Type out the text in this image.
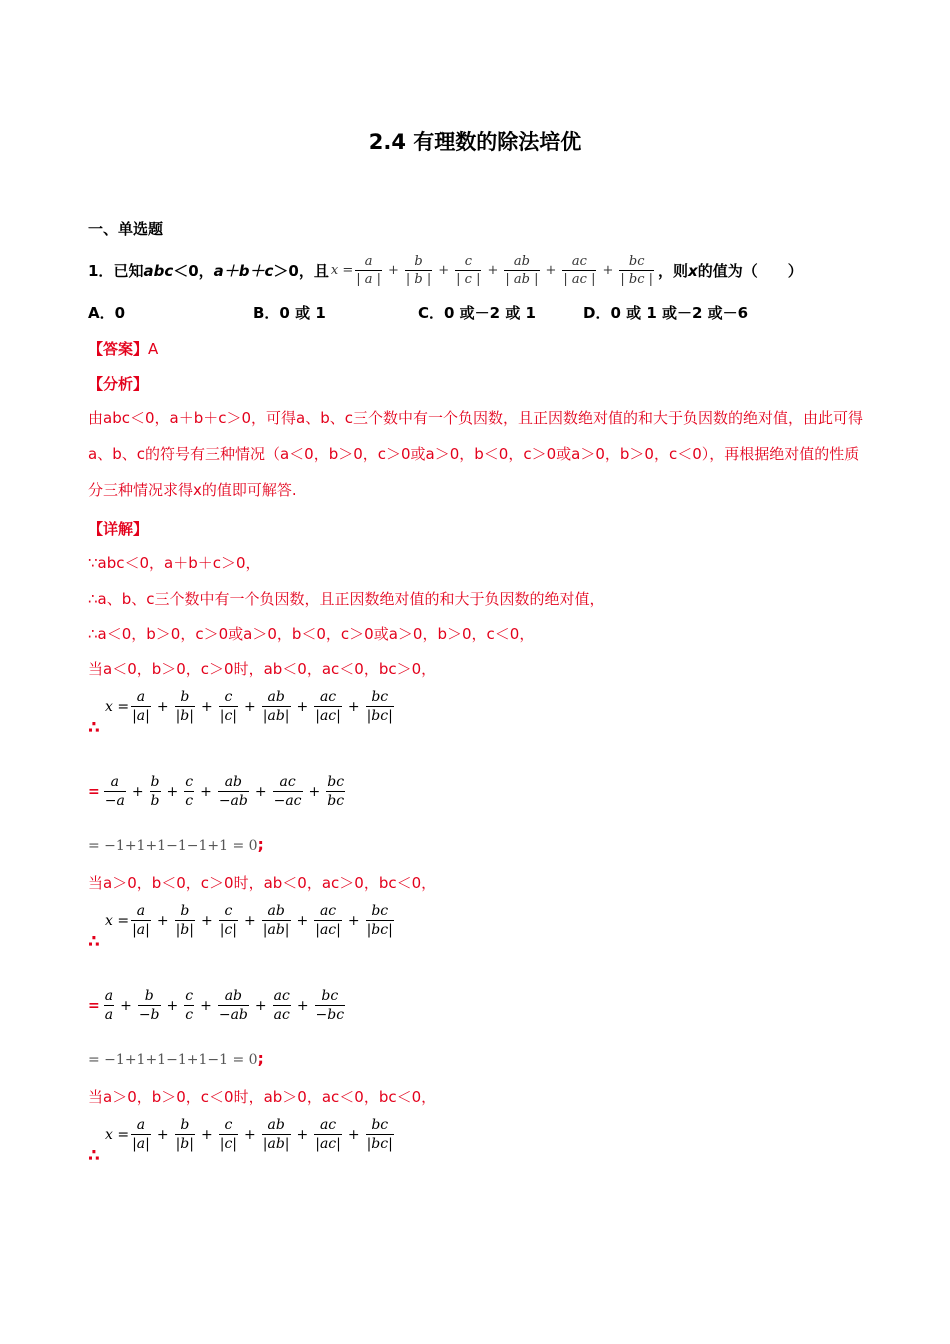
2.4 有理数的除法培优
一、单选题
1． 已知 abc ＜0， a＋b＋c ＞0，且 $x = \frac{a}{| a |} + \frac{b}{| b |} + \frac{c}{| c |} + \frac{ab}{| ab |} + \frac{ac}{| ac |} + \frac{bc}{| bc |}$ ，则 x 的值为（　　）
A．0	B．0 或 1	C．0 或－2 或 1	D．0 或 1 或－2 或－6
【答案】A
【分析】
由abc＜0，a＋b＋c＞0，可得a、b、c三个数中有一个负因数，且正因数绝对值的和大于负因数的绝对值，由此可得a、b、c的符号有三种情况（a＜0，b＞0，c＞0或a＞0，b＜0，c＞0或a＞0，b＞0，c＜0），再根据绝对值的性质分三种情况求得x的值即可解答.
【详解】
∵abc＜0，a＋b＋c＞0，
∴a、b、c三个数中有一个负因数，且正因数绝对值的和大于负因数的绝对值，
∴a＜0，b＞0，c＞0或a＞0，b＜0，c＞0或a＞0，b＞0，c＜0，
当a＜0，b＞0，c＞0时，ab＜0，ac＜0，bc＞0，
$x = \frac{a}{|a|} + \frac{b}{|b|} + \frac{c}{|c|} + \frac{ab}{|ab|} + \frac{ac}{|ac|} + \frac{bc}{|bc|}$
∴
= $\frac{a}{-a} + \frac{b}{b} + \frac{c}{c} + \frac{ab}{-ab} + \frac{ac}{-ac} + \frac{bc}{bc}$
= −1+1+1−1−1+1 = 0;
当a＞0，b＜0，c＞0时，ab＜0，ac＞0，bc＜0，
$x = \frac{a}{|a|} + \frac{b}{|b|} + \frac{c}{|c|} + \frac{ab}{|ab|} + \frac{ac}{|ac|} + \frac{bc}{|bc|}$
∴
= $\frac{a}{a} + \frac{b}{-b} + \frac{c}{c} + \frac{ab}{-ab} + \frac{ac}{ac} + \frac{bc}{-bc}$
= −1+1+1−1+1−1 = 0;
当a＞0，b＞0，c＜0时，ab＞0，ac＜0，bc＜0，
$x = \frac{a}{|a|} + \frac{b}{|b|} + \frac{c}{|c|} + \frac{ab}{|ab|} + \frac{ac}{|ac|} + \frac{bc}{|bc|}$
∴
